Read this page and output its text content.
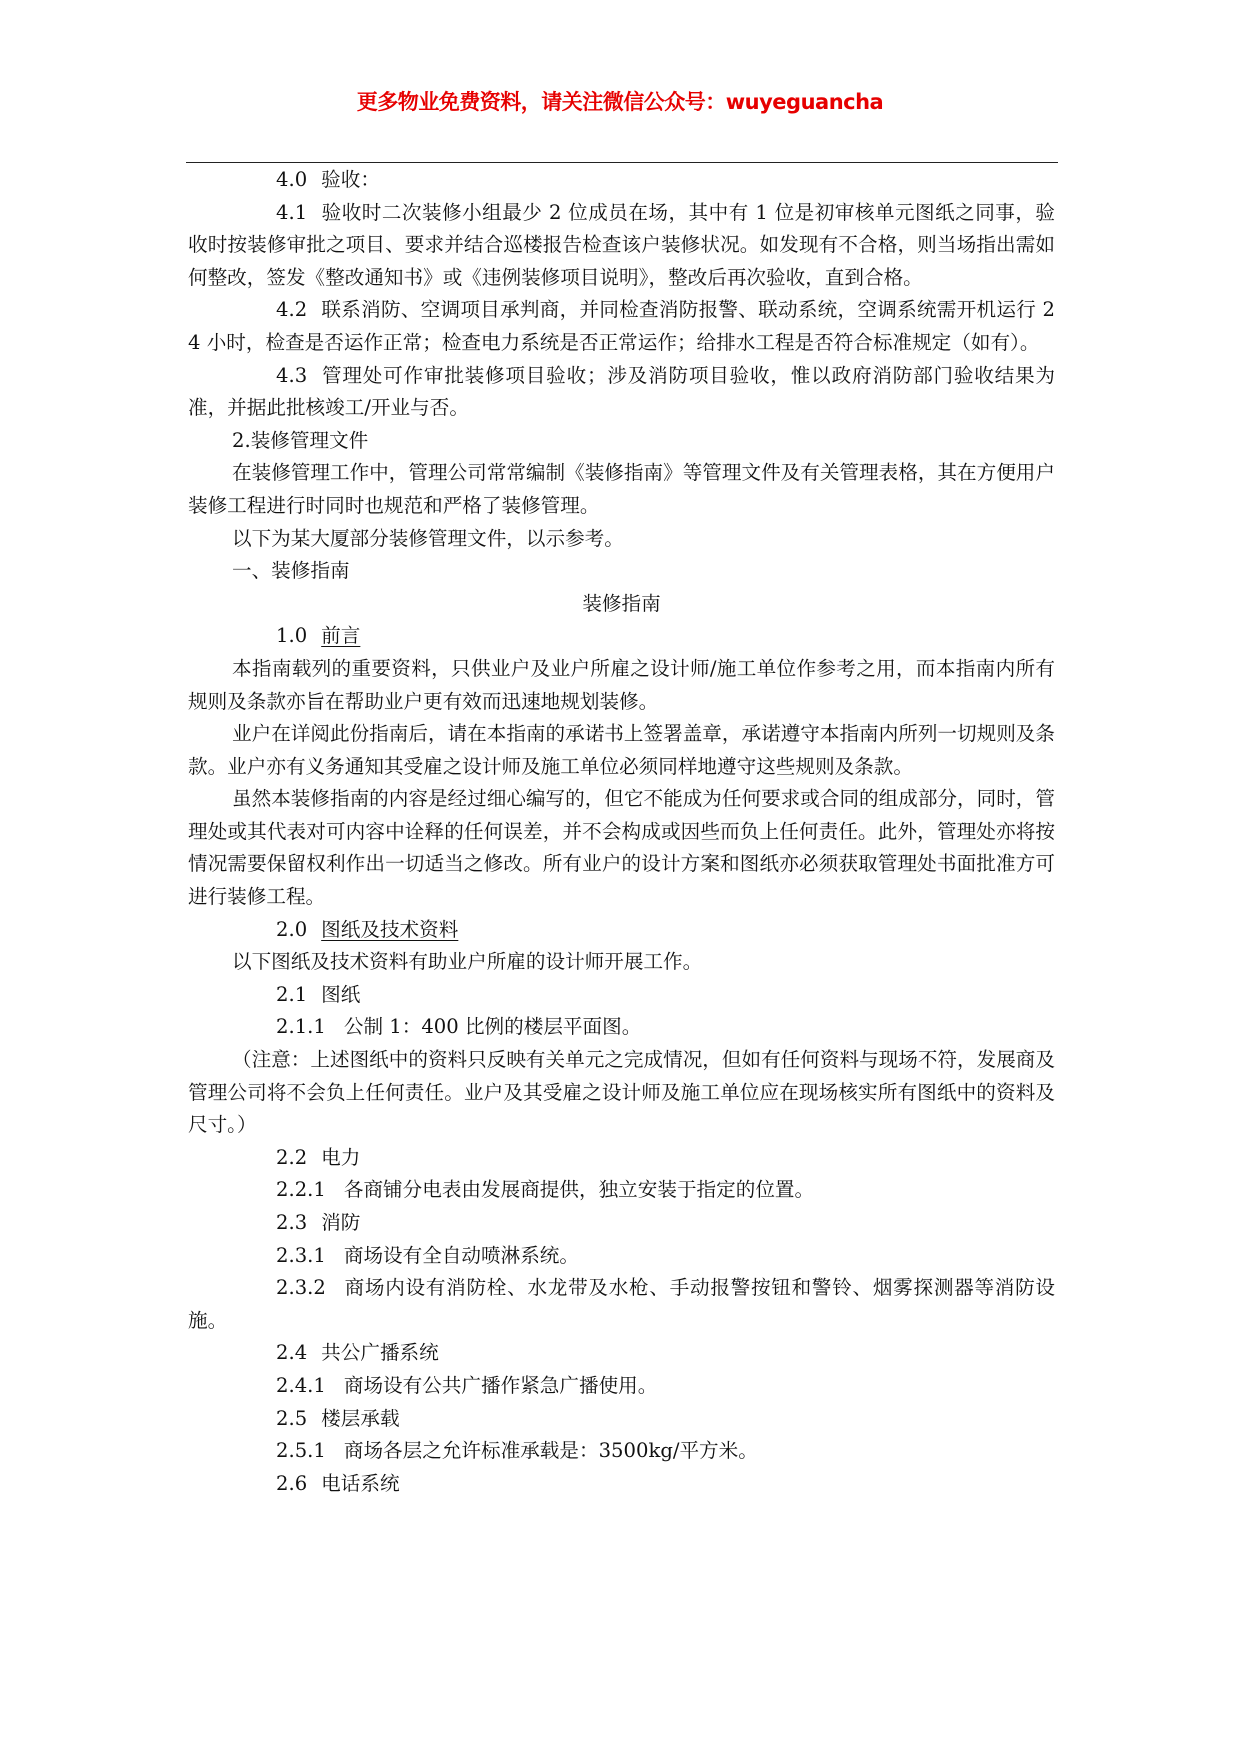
更多物业免费资料，请关注微信公众号：wuyeguancha

4.0 验收：

4.1 验收时二次装修小组最少 2 位成员在场，其中有 1 位是初审核单元图纸之同事，验收时按装修审批之项目、要求并结合巡楼报告检查该户装修状况。如发现有不合格，则当场指出需如何整改，签发《整改通知书》或《违例装修项目说明》，整改后再次验收，直到合格。

4.2 联系消防、空调项目承判商，并同检查消防报警、联动系统，空调系统需开机运行 24 小时，检查是否运作正常；检查电力系统是否正常运作；给排水工程是否符合标准规定（如有）。

4.3 管理处可作审批装修项目验收；涉及消防项目验收，惟以政府消防部门验收结果为准，并据此批核竣工/开业与否。

2.装修管理文件

在装修管理工作中，管理公司常常编制《装修指南》等管理文件及有关管理表格，其在方便用户装修工程进行时同时也规范和严格了装修管理。

以下为某大厦部分装修管理文件，以示参考。

一、装修指南

装修指南

1.0 前言

本指南载列的重要资料，只供业户及业户所雇之设计师/施工单位作参考之用，而本指南内所有规则及条款亦旨在帮助业户更有效而迅速地规划装修。

业户在详阅此份指南后，请在本指南的承诺书上签署盖章，承诺遵守本指南内所列一切规则及条款。业户亦有义务通知其受雇之设计师及施工单位必须同样地遵守这些规则及条款。

虽然本装修指南的内容是经过细心编写的，但它不能成为任何要求或合同的组成部分，同时，管理处或其代表对可内容中诠释的任何误差，并不会构成或因些而负上任何责任。此外，管理处亦将按情况需要保留权利作出一切适当之修改。所有业户的设计方案和图纸亦必须获取管理处书面批准方可进行装修工程。

2.0 图纸及技术资料

以下图纸及技术资料有助业户所雇的设计师开展工作。

2.1 图纸

2.1.1 公制 1：400 比例的楼层平面图。

（注意：上述图纸中的资料只反映有关单元之完成情况，但如有任何资料与现场不符，发展商及管理公司将不会负上任何责任。业户及其受雇之设计师及施工单位应在现场核实所有图纸中的资料及尺寸。）

2.2 电力

2.2.1 各商铺分电表由发展商提供，独立安装于指定的位置。

2.3 消防

2.3.1 商场设有全自动喷淋系统。

2.3.2 商场内设有消防栓、水龙带及水枪、手动报警按钮和警铃、烟雾探测器等消防设施。

2.4 共公广播系统

2.4.1 商场设有公共广播作紧急广播使用。

2.5 楼层承载

2.5.1 商场各层之允许标准承载是：3500kg/平方米。

2.6 电话系统
